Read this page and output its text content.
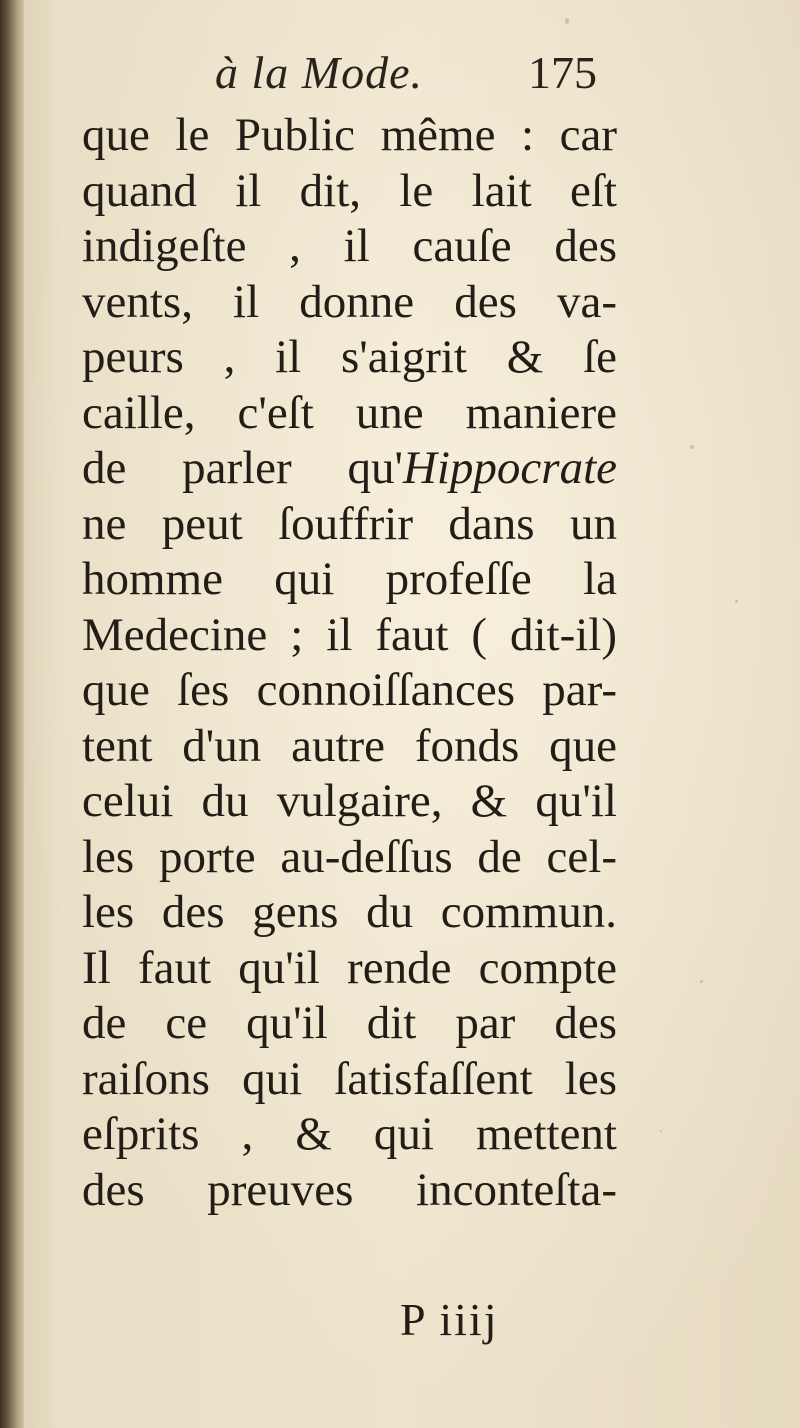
à la Mode. 175
que le Public même : car
quand il dit, le lait eſt
indigeſte , il cauſe des
vents, il donne des va-
peurs , il s'aigrit & ſe
caille, c'eſt une maniere
de parler qu'Hippocrate
ne peut ſouffrir dans un
homme qui profeſſe la
Medecine ; il faut ( dit-il)
que ſes connoiſſances par-
tent d'un autre fonds que
celui du vulgaire, & qu'il
les porte au-deſſus de cel-
les des gens du commun.
Il faut qu'il rende compte
de ce qu'il dit par des
raiſons qui ſatisfaſſent les
eſprits , & qui mettent
des preuves inconteſta-
P iiij
